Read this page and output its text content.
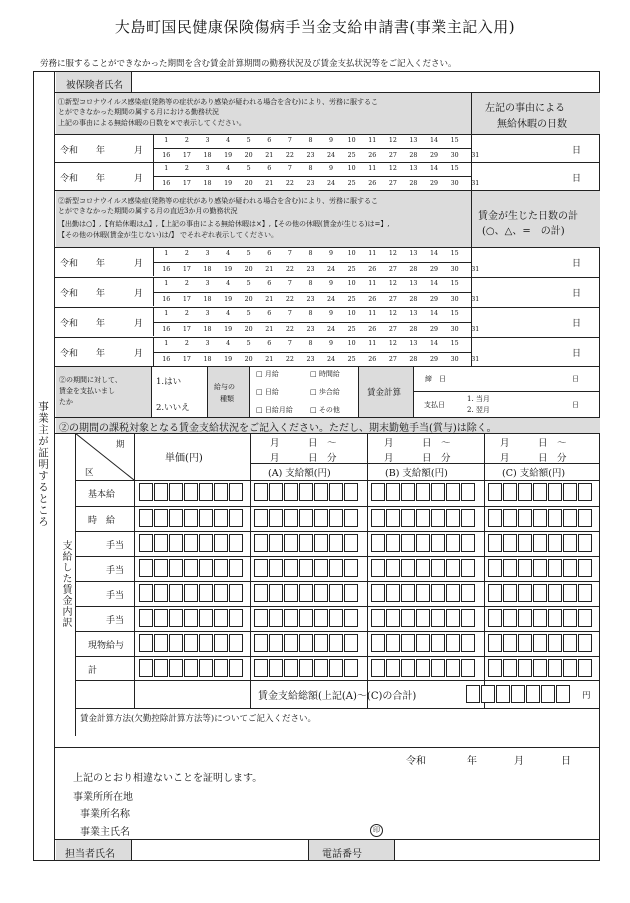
大島町国民健康保険傷病手当金支給申請書(事業主記入用)
労務に服することができなかった期間を含む賃金計算期間の勤務状況及び賃金支払状況等をご記入ください。
事業主が証明するところ
被保険者氏名
①新型コロナウイルス感染症(発熱等の症状があり感染が疑われる場合を含む)により、労務に服するこ
とができなかった期間の属する月における勤務状況
上記の事由による無給休暇の日数を×で表示してください。
左記の事由による
無給休暇の日数
令和 年	月
1	2	3	4	5	6	7	8	9 10 11 12 13 14 15
16 17 18 19 20 21 22 23 24 25 26 27 28 29 30 31	日
令和 年	月
1	2	3	4	5	6	7	8	9 10 11 12 13 14 15
16 17 18 19 20 21 22 23 24 25 26 27 28 29 30 31	日
②新型コロナウイルス感染症(発熱等の症状があり感染が疑われる場合を含む)により、労務に服するこ
とができなかった期間の属する月の直近3か月の勤務状況
【出勤は○】,【有給休暇は△】,【上記の事由による無給休暇は×】,【その他の休暇(賃金が生じる)は=】,
【その他の休暇(賃金が生じない)は/】 でそれぞれ表示してください。
賃金が生じた日数の計
(○、△、=　の計)
令和 年	月
1	2	3	4	5	6	7	8	9 10 11 12 13 14 15
16 17 18 19 20 21 22 23 24 25 26 27 28 29 30 31
日
令和 年	月
1	2	3	4	5	6	7	8	9 10 11 12 13 14 15
16 17 18 19 20 21 22 23 24 25 26 27 28 29 30 31
日
令和 年	月
1	2	3	4	5	6	7	8	9 10 11 12 13 14 15
16 17 18 19 20 21 22 23 24 25 26 27 28 29 30 31
日
令和 年	月
1	2	3	4	5	6	7	8	9 10 11 12 13 14 15
16 17 18 19 20 21 22 23 24 25 26 27 28 29 30 31
日
②の期間に対して、
賃金を支払いまし
たか
1.はい
2.いいえ
給与の
種類
□ 月給	□ 時間給
□ 日給	□ 歩合給
□ 日給月給 □ その他
賃金計算
締　日	日
支払日
1. 当月
2. 翌月
日
②の期間の課税対象となる賃金支給状況をご記入ください。ただし、期末勤勉手当(賞与)は除く。
支給した賃金内訳
期
区
単価(円)
月　　　日　～
月　　　日　分
月　　　日　～
月　　　日　分
月　　　日　～
月　　　日　分
(A) 支給額(円)	(B) 支給額(円)	(C) 支給額(円)
基本給
時　給
手当
手当
手当
手当
現物給与
計
賃金支給総額(上記(A)～(C)の合計)	円
賃金計算方法(欠勤控除計算方法等)についてご記入ください。
令和	年	月	日
上記のとおり相違ないことを証明します。
事業所所在地
事業所名称
事業主氏名	印
担当者氏名	電話番号
